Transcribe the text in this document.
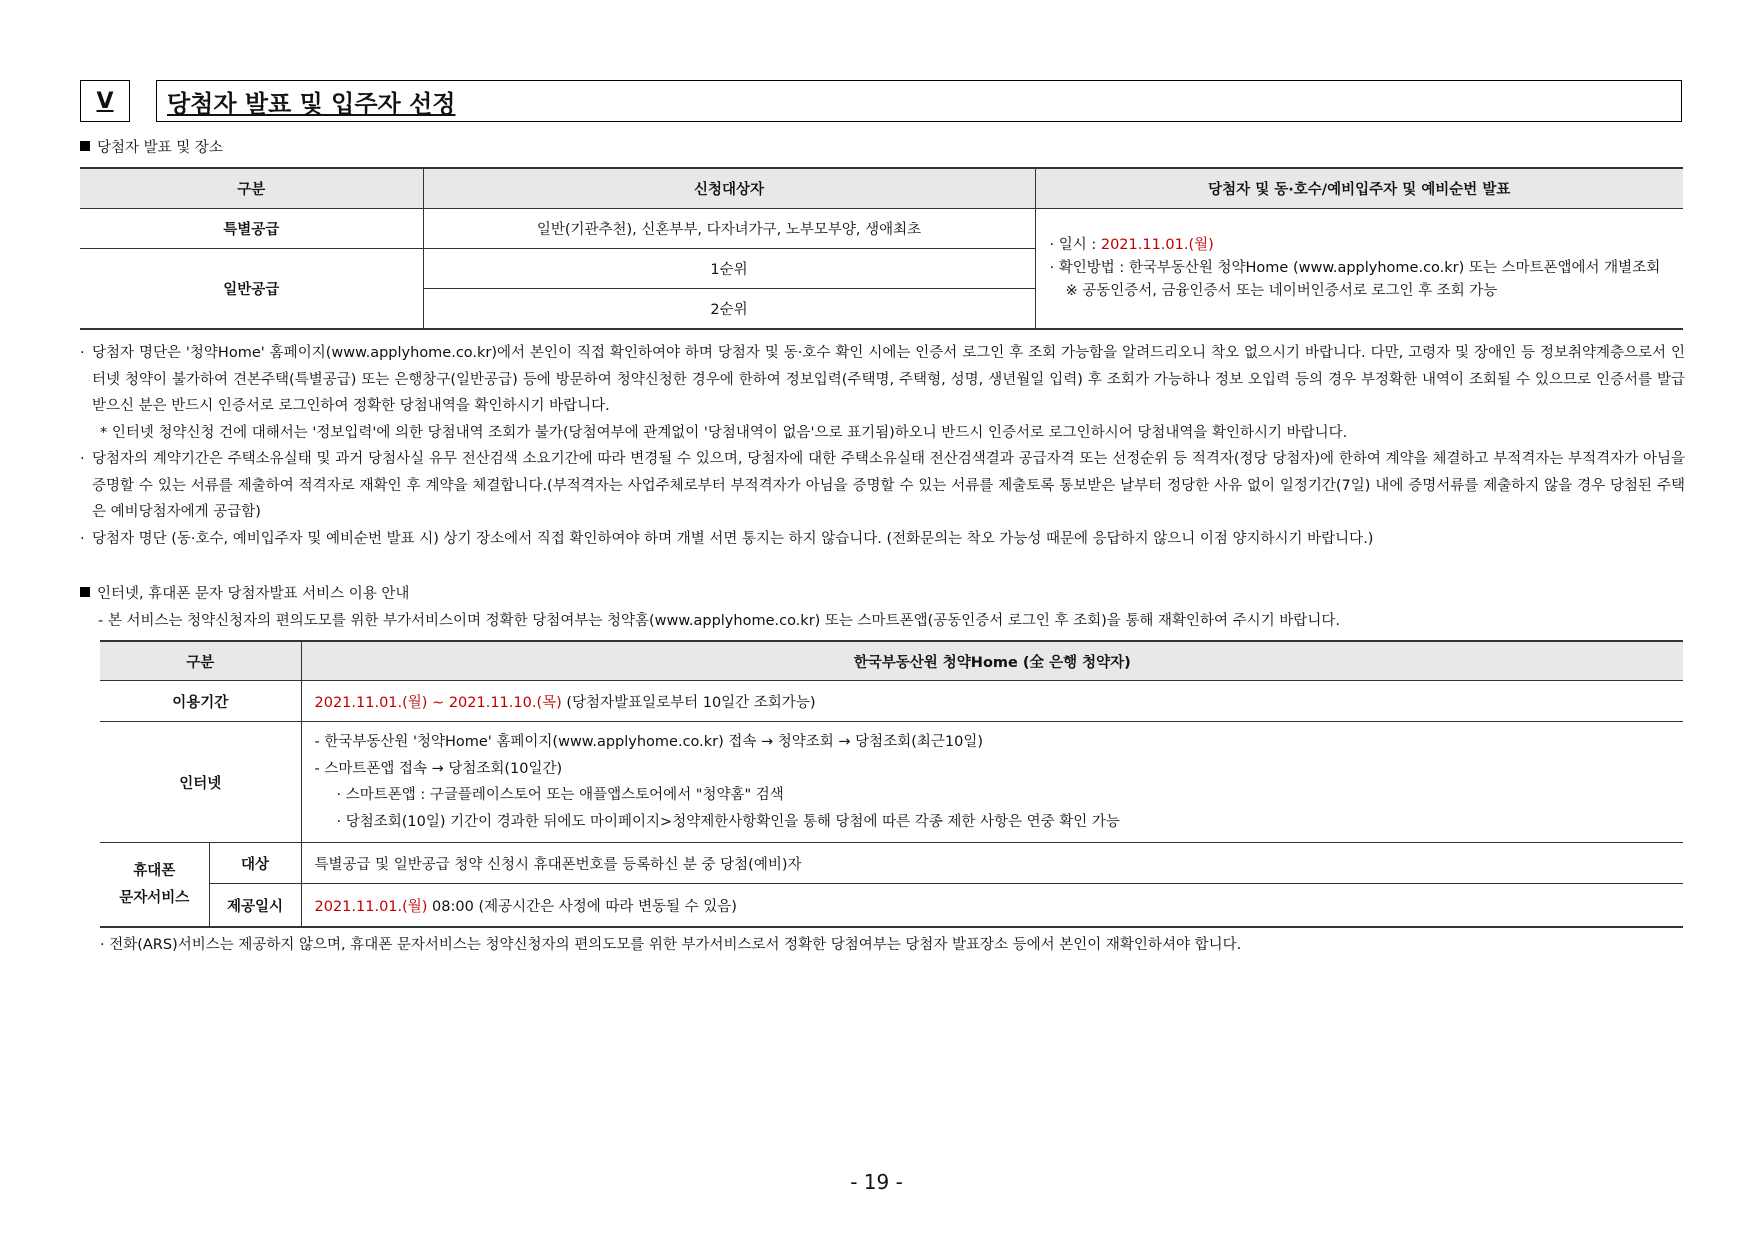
V	당첨자 발표 및 입주자 선정
당첨자 발표 및 장소
구분	신청대상자	당첨자 및 동·호수/예비입주자 및 예비순번 발표
특별공급	일반(기관추천), 신혼부부, 다자녀가구, 노부모부양, 생애최초	· 일시 : 2021.11.01.(월)
· 확인방법 : 한국부동산원 청약Home (www.applyhome.co.kr) 또는 스마트폰앱에서 개별조회
※ 공동인증서, 금융인증서 또는 네이버인증서로 로그인 후 조회 가능

일반공급	1순위	
	2순위	
· 당첨자 명단은 '청약Home' 홈페이지(www.applyhome.co.kr)에서 본인이 직접 확인하여야 하며 당첨자 및 동·호수 확인 시에는 인증서 로그인 후 조회 가능함을 알려드리오니 착오 없으시기 바랍니다. 다만, 고령자 및 장애인 등 정보취약계층으로서 인터넷 청약이 불가하여 견본주택(특별공급) 또는 은행창구(일반공급) 등에 방문하여 청약신청한 경우에 한하여 정보입력(주택명, 주택형, 성명, 생년월일 입력) 후 조회가 가능하나 정보 오입력 등의 경우 부정확한 내역이 조회될 수 있으므로 인증서를 발급받으신 분은 반드시 인증서로 로그인하여 정확한 당첨내역을 확인하시기 바랍니다.
* 인터넷 청약신청 건에 대해서는 '정보입력'에 의한 당첨내역 조회가 불가(당첨여부에 관계없이 '당첨내역이 없음'으로 표기됨)하오니 반드시 인증서로 로그인하시어 당첨내역을 확인하시기 바랍니다.
· 당첨자의 계약기간은 주택소유실태 및 과거 당첨사실 유무 전산검색 소요기간에 따라 변경될 수 있으며, 당첨자에 대한 주택소유실태 전산검색결과 공급자격 또는 선정순위 등 적격자(정당 당첨자)에 한하여 계약을 체결하고 부적격자는 부적격자가 아님을 증명할 수 있는 서류를 제출하여 적격자로 재확인 후 계약을 체결합니다.(부적격자는 사업주체로부터 부적격자가 아님을 증명할 수 있는 서류를 제출토록 통보받은 날부터 정당한 사유 없이 일정기간(7일) 내에 증명서류를 제출하지 않을 경우 당첨된 주택은 예비당첨자에게 공급함)
· 당첨자 명단 (동·호수, 예비입주자 및 예비순번 발표 시) 상기 장소에서 직접 확인하여야 하며 개별 서면 통지는 하지 않습니다. (전화문의는 착오 가능성 때문에 응답하지 않으니 이점 양지하시기 바랍니다.)
인터넷, 휴대폰 문자 당첨자발표 서비스 이용 안내
- 본 서비스는 청약신청자의 편의도모를 위한 부가서비스이며 정확한 당첨여부는 청약홈(www.applyhome.co.kr) 또는 스마트폰앱(공동인증서 로그인 후 조회)을 통해 재확인하여 주시기 바랍니다.
구분		한국부동산원 청약Home (全 은행 청약자)
이용기간		2021.11.01.(월) ~ 2021.11.10.(목) (당첨자발표일로부터 10일간 조회가능)
인터넷		- 한국부동산원 '청약Home' 홈페이지(www.applyhome.co.kr) 접속 → 청약조회 → 당첨조회(최근10일)
- 스마트폰앱 접속 → 당첨조회(10일간)
· 스마트폰앱 : 구글플레이스토어 또는 애플앱스토어에서 "청약홈" 검색
· 당첨조회(10일) 기간이 경과한 뒤에도 마이페이지>청약제한사항확인을 통해 당첨에 따른 각종 제한 사항은 연중 확인 가능

휴대폰
문자서비스	대상	특별공급 및 일반공급 청약 신청시 휴대폰번호를 등록하신 분 중 당첨(예비)자
	제공일시	2021.11.01.(월) 08:00 (제공시간은 사정에 따라 변동될 수 있음)
· 전화(ARS)서비스는 제공하지 않으며, 휴대폰 문자서비스는 청약신청자의 편의도모를 위한 부가서비스로서 정확한 당첨여부는 당첨자 발표장소 등에서 본인이 재확인하셔야 합니다.
- 19 -
